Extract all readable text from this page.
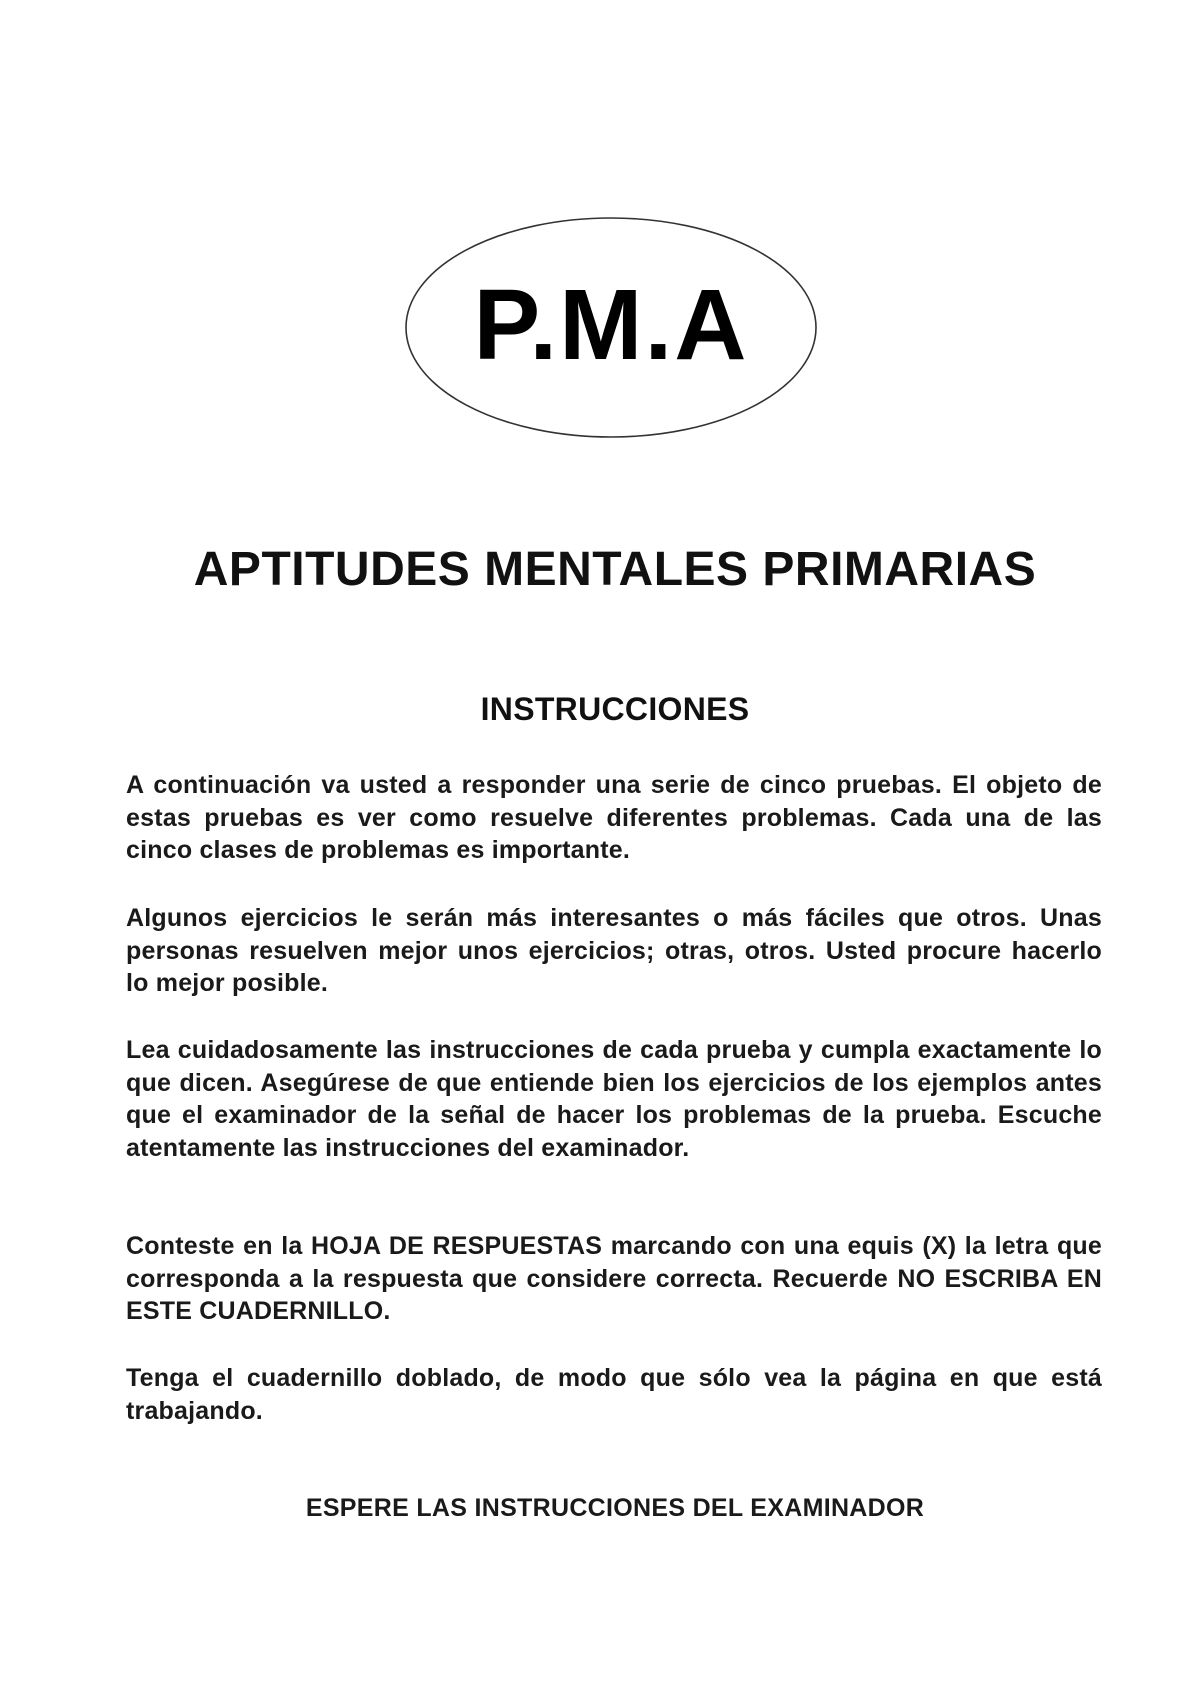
P.M.A
APTITUDES MENTALES PRIMARIAS
INSTRUCCIONES

A continuación va usted a responder una serie de cinco pruebas. El objeto de estas pruebas es ver como resuelve diferentes problemas. Cada una de las cinco clases de problemas es importante.

Algunos ejercicios le serán más interesantes o más fáciles que otros. Unas personas resuelven mejor unos ejercicios; otras, otros. Usted procure hacerlo lo mejor posible.

Lea cuidadosamente las instrucciones de cada prueba y cumpla exactamente lo que dicen. Asegúrese de que entiende bien los ejercicios de los ejemplos antes que el examinador de la señal de hacer los problemas de la prueba. Escuche atentamente las instrucciones del examinador.

Conteste en la HOJA DE RESPUESTAS marcando con una equis (X) la letra que corresponda a la respuesta que considere correcta. Recuerde NO ESCRIBA EN ESTE CUADERNILLO.

Tenga el cuadernillo doblado, de modo que sólo vea la página en que está trabajando.

ESPERE LAS INSTRUCCIONES DEL EXAMINADOR
